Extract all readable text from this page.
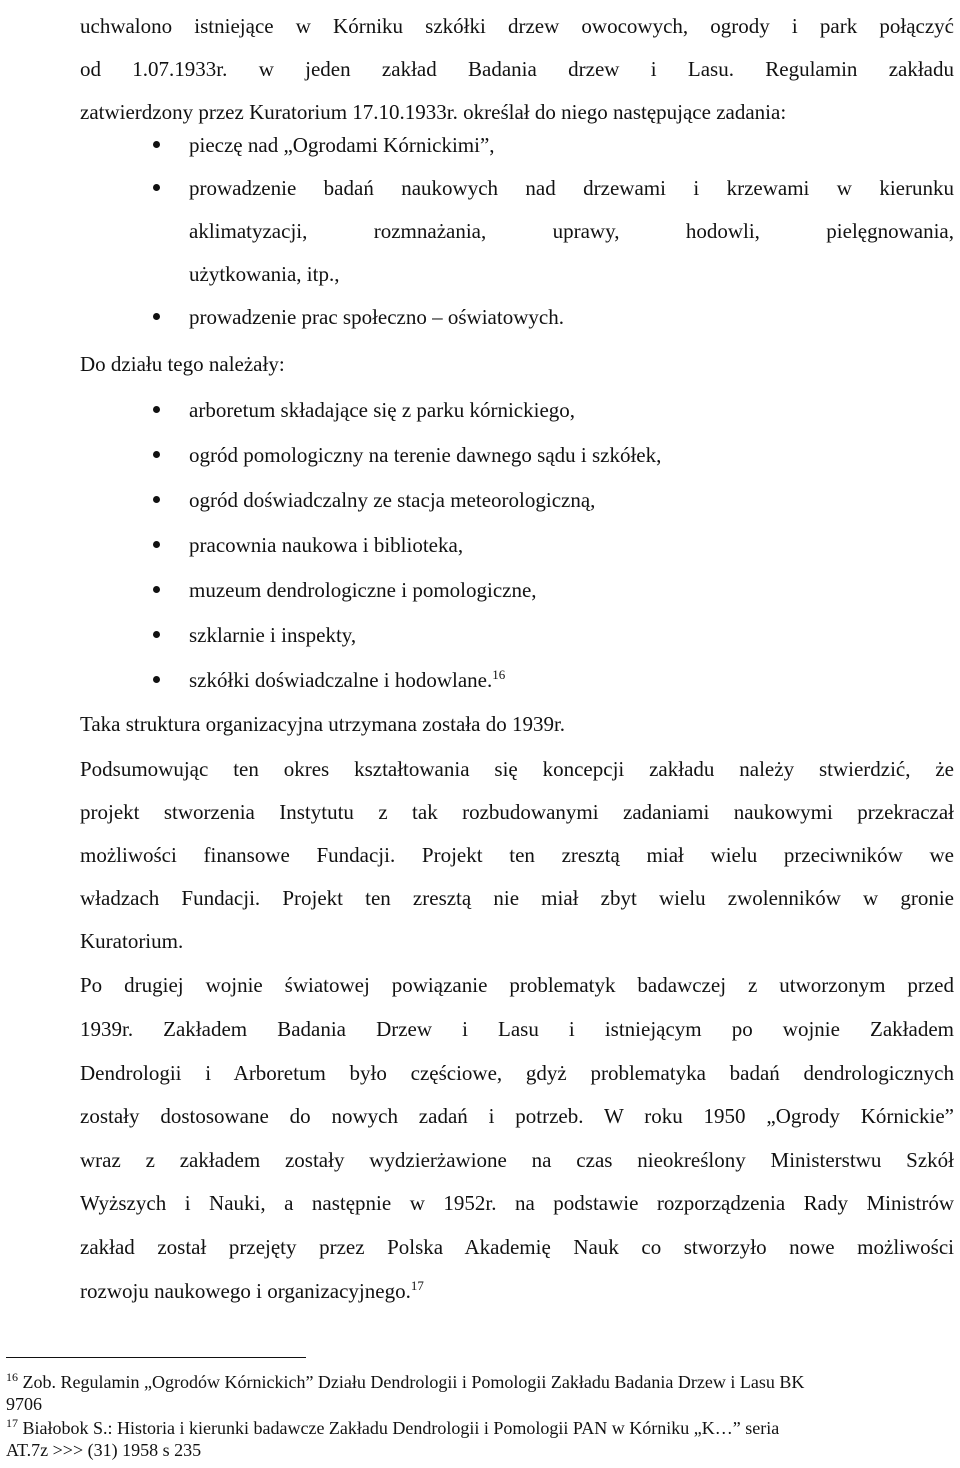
uchwalono istniejące w Kórniku szkółki drzew owocowych, ogrody i park połączyć
od 1.07.1933r. w jeden zakład Badania drzew i Lasu. Regulamin zakładu
zatwierdzony przez Kuratorium 17.10.1933r. określał do niego następujące zadania:
pieczę nad „Ogrodami Kórnickimi”,
prowadzenie badań naukowych nad drzewami i krzewami w kierunku
aklimatyzacji, rozmnażania, uprawy, hodowli, pielęgnowania,
użytkowania, itp.,
prowadzenie prac społeczno – oświatowych.
Do działu tego należały:
arboretum składające się z parku kórnickiego,
ogród pomologiczny na terenie dawnego sądu i szkółek,
ogród doświadczalny ze stacja meteorologiczną,
pracownia naukowa i biblioteka,
muzeum dendrologiczne i pomologiczne,
szklarnie i inspekty,
szkółki doświadczalne i hodowlane.$^{16}$
Taka struktura organizacyjna utrzymana została do 1939r.
Podsumowując ten okres kształtowania się koncepcji zakładu należy stwierdzić, że
projekt stworzenia Instytutu z tak rozbudowanymi zadaniami naukowymi przekraczał
możliwości finansowe Fundacji. Projekt ten zresztą miał wielu przeciwników we
władzach Fundacji. Projekt ten zresztą nie miał zbyt wielu zwolenników w gronie
Kuratorium.
Po drugiej wojnie światowej powiązanie problematyk badawczej z utworzonym przed
1939r. Zakładem Badania Drzew i Lasu i istniejącym po wojnie Zakładem
Dendrologii i Arboretum było częściowe, gdyż problematyka badań dendrologicznych
zostały dostosowane do nowych zadań i potrzeb. W roku 1950 „Ogrody Kórnickie”
wraz z zakładem zostały wydzierżawione na czas nieokreślony Ministerstwu Szkół
Wyższych i Nauki, a następnie w 1952r. na podstawie rozporządzenia Rady Ministrów
zakład został przejęty przez Polska Akademię Nauk co stworzyło nowe możliwości
rozwoju naukowego i organizacyjnego.$^{17}$
$^{16}$ Zob. Regulamin „Ogrodów Kórnickich” Działu Dendrologii i Pomologii Zakładu Badania Drzew i Lasu BK
9706
$^{17}$ Białobok S.: Historia i kierunki badawcze Zakładu Dendrologii i Pomologii PAN w Kórniku „K…” seria
AT.7z >>> (31) 1958 s 235
